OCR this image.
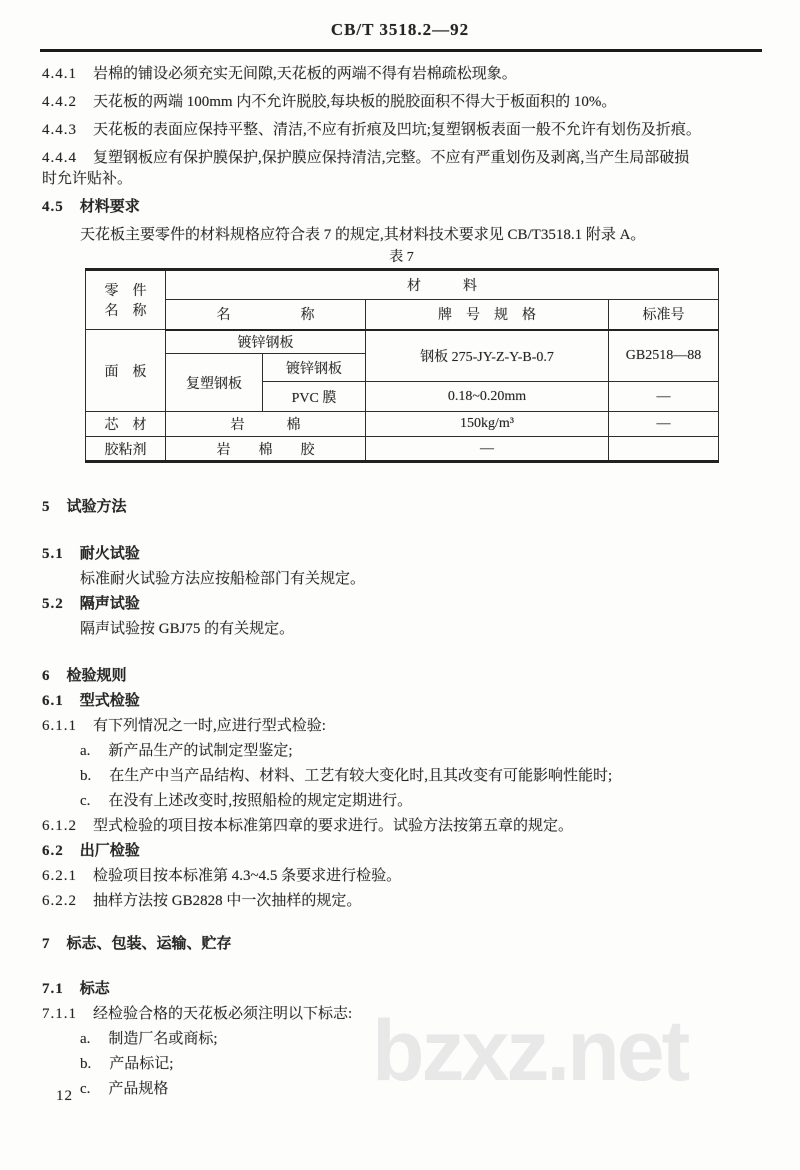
bzxz.net
CB/T 3518.2—92
4.4.1 岩棉的铺设必须充实无间隙,天花板的两端不得有岩棉疏松现象。
4.4.2 天花板的两端 100mm 内不允许脱胶,每块板的脱胶面积不得大于板面积的 10%。
4.4.3 天花板的表面应保持平整、清洁,不应有折痕及凹坑;复塑钢板表面一般不允许有划伤及折痕。
4.4.4 复塑钢板应有保护膜保护,保护膜应保持清洁,完整。不应有严重划伤及剥离,当产生局部破损
时允许贴补。
4.5 材料要求
天花板主要零件的材料规格应符合表 7 的规定,其材料技术要求见 CB/T3518.1 附录 A。
表 7
零　件
名　称	材　　　料			
	名　　　　　称		牌　号　规　格	标准号
面　板	镀锌钢板		钢板 275-JY-Z-Y-B-0.7	GB2518—88
	复塑钢板	镀锌钢板		
		PVC 膜	0.18~0.20mm	—
芯　材	岩　　　棉		150kg/m³	—
胶粘剂	岩　　棉　　胶		—	
5 试验方法
5.1 耐火试验
标准耐火试验方法应按船检部门有关规定。
5.2 隔声试验
隔声试验按 GBJ75 的有关规定。
6 检验规则
6.1 型式检验
6.1.1 有下列情况之一时,应进行型式检验:
a. 新产品生产的试制定型鉴定;
b. 在生产中当产品结构、材料、工艺有较大变化时,且其改变有可能影响性能时;
c. 在没有上述改变时,按照船检的规定定期进行。
6.1.2 型式检验的项目按本标准第四章的要求进行。试验方法按第五章的规定。
6.2 出厂检验
6.2.1 检验项目按本标准第 4.3~4.5 条要求进行检验。
6.2.2 抽样方法按 GB2828 中一次抽样的规定。
7 标志、包装、运输、贮存
7.1 标志
7.1.1 经检验合格的天花板必须注明以下标志:
a. 制造厂名或商标;
b. 产品标记;
c. 产品规格
12
